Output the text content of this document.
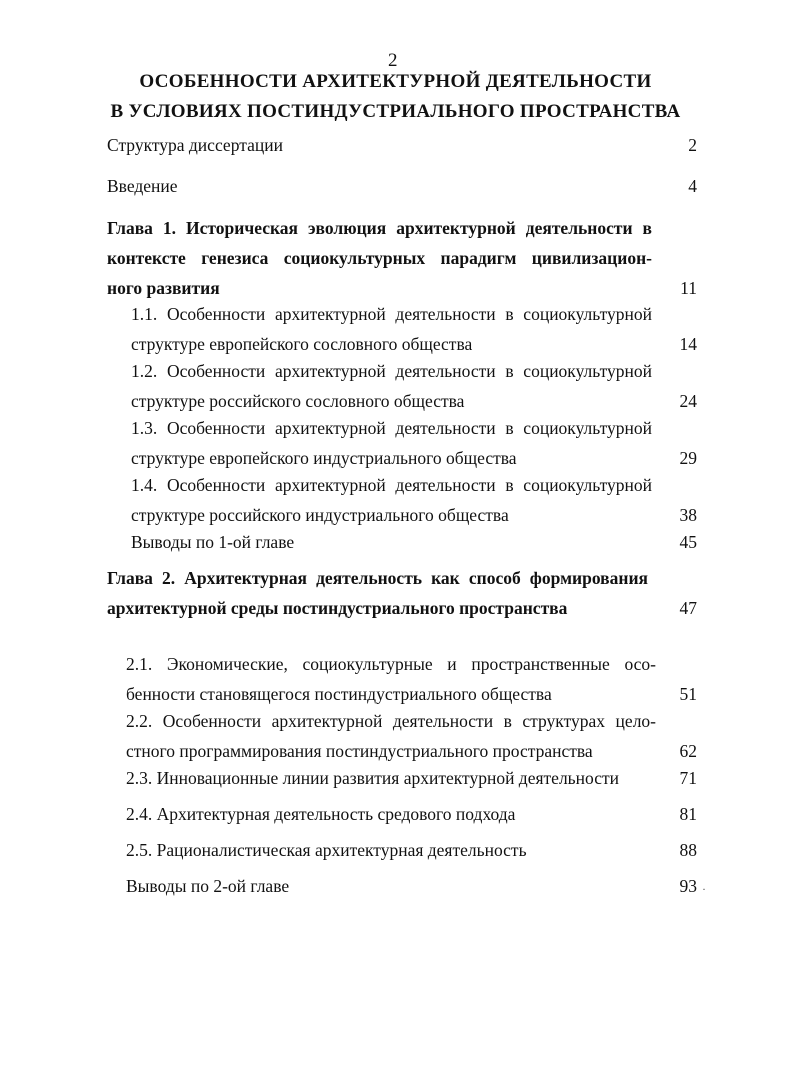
2
ОСОБЕННОСТИ АРХИТЕКТУРНОЙ ДЕЯТЕЛЬНОСТИ
В УСЛОВИЯХ ПОСТИНДУСТРИАЛЬНОГО ПРОСТРАНСТВА
Структура диссертации	2
Введение	4
Глава 1. Историческая эволюция архитектурной деятельности в
контексте генезиса социокультурных парадигм цивилизацион-
ного развития	11
1.1. Особенности архитектурной деятельности в социокультурной
структуре европейского сословного общества	14
1.2. Особенности архитектурной деятельности в социокультурной
структуре российского сословного общества	24
1.3. Особенности архитектурной деятельности в социокультурной
структуре европейского индустриального общества	29
1.4. Особенности архитектурной деятельности в социокультурной
структуре российского индустриального общества	38
Выводы по 1-ой главе	45
Глава 2. Архитектурная деятельность как способ формирования
архитектурной среды постиндустриального пространства	47
2.1. Экономические, социокультурные и пространственные осо-
бенности становящегося постиндустриального общества	51
2.2. Особенности архитектурной деятельности в структурах цело-
стного программирования постиндустриального пространства	62
2.3. Инновационные линии развития архитектурной деятельности	71
2.4. Архитектурная деятельность средового подхода	81
2.5. Рационалистическая архитектурная деятельность	88
Выводы по 2-ой главе	93 ·
